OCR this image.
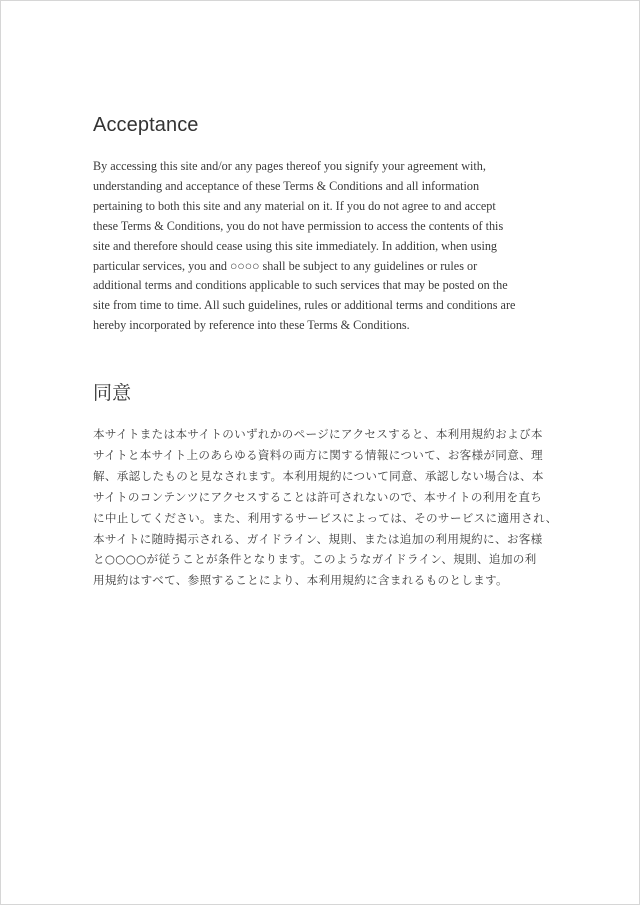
Acceptance

By accessing this site and/or any pages thereof you signify your agreement with,
understanding and acceptance of these Terms & Conditions and all information
pertaining to both this site and any material on it. If you do not agree to and accept
these Terms & Conditions, you do not have permission to access the contents of this
site and therefore should cease using this site immediately. In addition, when using
particular services, you and ○○○○ shall be subject to any guidelines or rules or
additional terms and conditions applicable to such services that may be posted on the
site from time to time. All such guidelines, rules or additional terms and conditions are
hereby incorporated by reference into these Terms & Conditions.

同意

本サイトまたは本サイトのいずれかのページにアクセスすると、本利用規約および本
サイトと本サイト上のあらゆる資料の両方に関する情報について、お客様が同意、理
解、承認したものと見なされます。本利用規約について同意、承認しない場合は、本
サイトのコンテンツにアクセスすることは許可されないので、本サイトの利用を直ち
に中止してください。また、利用するサービスによっては、そのサービスに適用され、
本サイトに随時掲示される、ガイドライン、規則、または追加の利用規約に、お客様
と○○○○が従うことが条件となります。このようなガイドライン、規則、追加の利
用規約はすべて、参照することにより、本利用規約に含まれるものとします。
